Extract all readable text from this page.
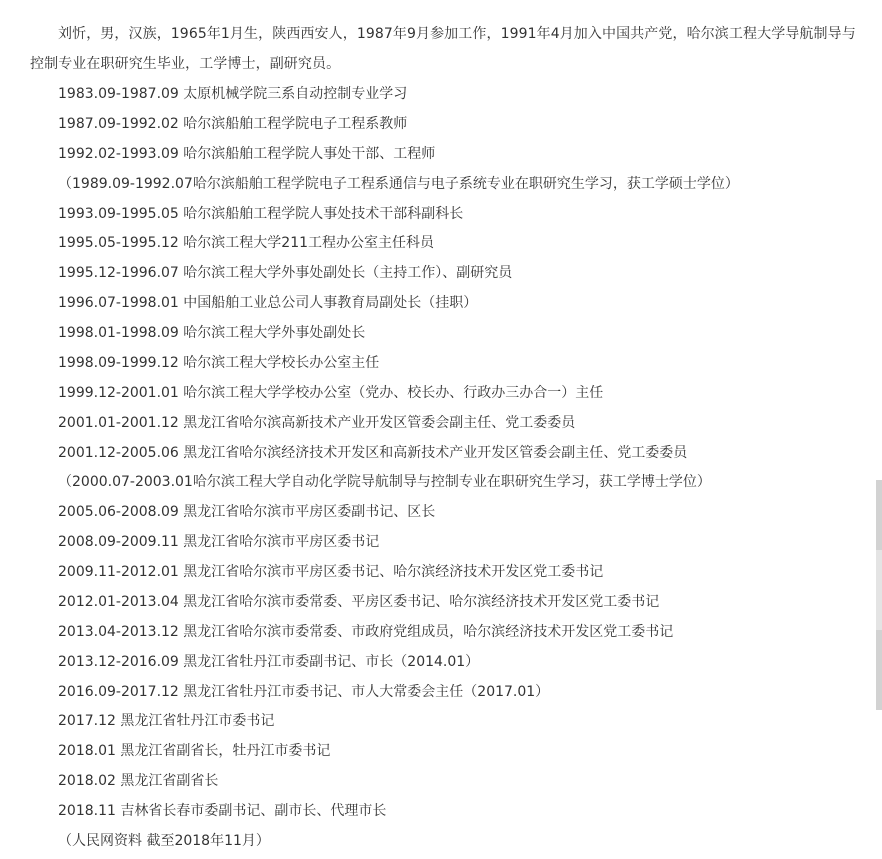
刘忻，男，汉族，1965年1月生，陕西西安人，1987年9月参加工作，1991年4月加入中国共产党，哈尔滨工程大学导航制导与控制专业在职研究生毕业，工学博士，副研究员。

1983.09-1987.09 太原机械学院三系自动控制专业学习
1987.09-1992.02 哈尔滨船舶工程学院电子工程系教师
1992.02-1993.09 哈尔滨船舶工程学院人事处干部、工程师
（1989.09-1992.07哈尔滨船舶工程学院电子工程系通信与电子系统专业在职研究生学习，获工学硕士学位）
1993.09-1995.05 哈尔滨船舶工程学院人事处技术干部科副科长
1995.05-1995.12 哈尔滨工程大学211工程办公室主任科员
1995.12-1996.07 哈尔滨工程大学外事处副处长（主持工作）、副研究员
1996.07-1998.01 中国船舶工业总公司人事教育局副处长（挂职）
1998.01-1998.09 哈尔滨工程大学外事处副处长
1998.09-1999.12 哈尔滨工程大学校长办公室主任
1999.12-2001.01 哈尔滨工程大学学校办公室（党办、校长办、行政办三办合一）主任
2001.01-2001.12 黑龙江省哈尔滨高新技术产业开发区管委会副主任、党工委委员
2001.12-2005.06 黑龙江省哈尔滨经济技术开发区和高新技术产业开发区管委会副主任、党工委委员
（2000.07-2003.01哈尔滨工程大学自动化学院导航制导与控制专业在职研究生学习，获工学博士学位）
2005.06-2008.09 黑龙江省哈尔滨市平房区委副书记、区长
2008.09-2009.11 黑龙江省哈尔滨市平房区委书记
2009.11-2012.01 黑龙江省哈尔滨市平房区委书记、哈尔滨经济技术开发区党工委书记
2012.01-2013.04 黑龙江省哈尔滨市委常委、平房区委书记、哈尔滨经济技术开发区党工委书记
2013.04-2013.12 黑龙江省哈尔滨市委常委、市政府党组成员，哈尔滨经济技术开发区党工委书记
2013.12-2016.09 黑龙江省牡丹江市委副书记、市长（2014.01）
2016.09-2017.12 黑龙江省牡丹江市委书记、市人大常委会主任（2017.01）
2017.12 黑龙江省牡丹江市委书记
2018.01 黑龙江省副省长，牡丹江市委书记
2018.02 黑龙江省副省长
2018.11 吉林省长春市委副书记、副市长、代理市长
（人民网资料 截至2018年11月）
